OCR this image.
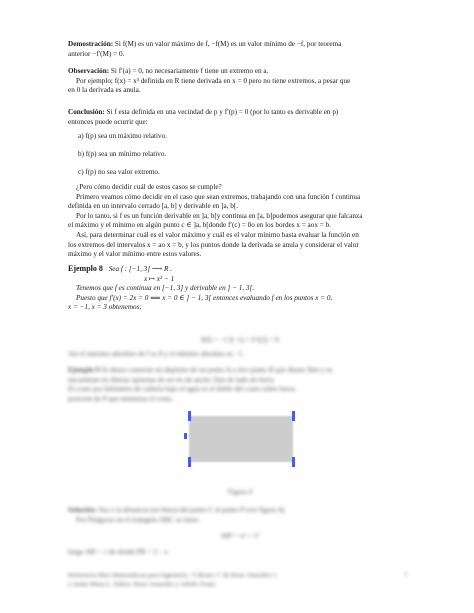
Demostración: Si f(M) es un valor máximo de f, −f(M) es un valor mínimo de −f, por teorema
anterior −f′(M) = 0.
Observación: Si f′(a) = 0, no necesariamente f tiene un extremo en a.
Por ejemplo; f(x) = x³ definida en R tiene derivada en x = 0 pero no tiene extremos, a pesar que
en 0 la derivada es anula.
Conclusión: Si f esta definida en una vecindad de p y f′(p) = 0 (por lo tanto es derivable en p)
entonces puede ocurrir que:
a) f(p) sea un máximo relativo.
b) f(p) sea un mínimo relativo.
c) f(p) no sea valor extremo.
¿Pero cómo decidir cuál de estos casos se cumple?
Primero veamos cómo decidir en el caso que sean extremos, trabajando con una función f continua
definida en un intervalo cerrado [a, b] y derivable en ]a, b[.
Por lo tanto, si f es un función derivable en ]a, b[y continua en [a, b]podemos asegurar que falcanza
el máximo y el mínimo en algún punto c ∈ ]a, b[donde f′(c) = 0o en los bordes x = aox = b.
Así, para determinar cuál es el valor máximo y cuál es el valor mínimo basta evaluar la función en
los extremos del intervalos x = ao x = b, y los puntos donde la derivada se anula y considerar el valor
máximo y el valor mínimo entre estos valores.
Ejemplo 8 Sea f : [−1, 3] ⟶ R .
x ↦ x² − 1
Tenemos que f es continua en [−1, 3] y derivable en ] − 1, 3[.
Puesto que f′(x) = 2x = 0 ⟺ x = 0 ∈ ] − 1, 3[ entonces evaluando f en los puntos x = 0,
x = −1, x = 3 obtenemos;
f(0) = −1 f(−1) = 0 f(3) = 8
Así el máximo absoluto de f es 8 y el mínimo absoluto es −1.
Ejemplo 9 Se desea construir un depósito de un punto A a otro punto B que distan 3km y se
encuentran en riberas opuestas de un río de ancho 1km de lado de tierra
El costo por kilómetro de cañería bajo el agua es el doble del costo sobre tierra.
posición de P que minimiza el costo.
Figura 4
Solución: Sea x la distancia (en línea) del punto C al punto P (ver figura 4).
Por Pitágoras en el triángulo ABC se tiene:
AB² = x² + 1²
luego AB = √ de donde PB = 3 − x
Referencia libro Matemáticas para Ingeniería, "Cálculo 1" de Rene Amaolito C.
y Jaime Mena L. Editor: Rene Amaolito y Adolfo Franz
1
